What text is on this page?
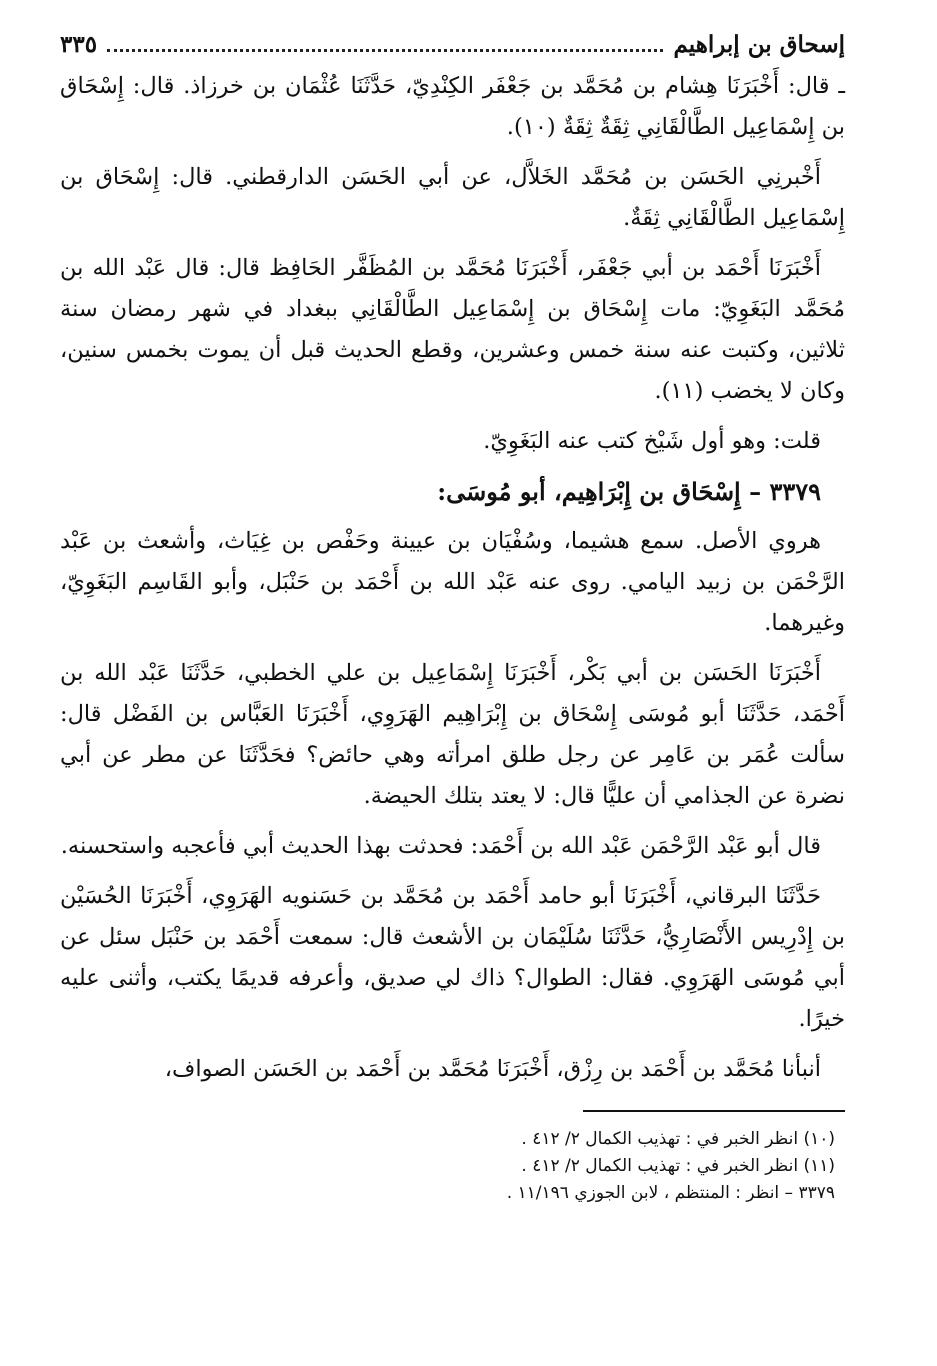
إسحاق بن إبراهيم
٣٣٥

ـ قال: أَخْبَرَنَا هِشام بن مُحَمَّد بن جَعْفَر الكِنْدِيّ، حَدَّثَنَا عُثْمَان بن خرزاذ. قال: إِسْحَاق بن إِسْمَاعِيل الطَّالْقَانِي ثِقَةٌ ثِقَةٌ (١٠).

أَخْبرنِي الحَسَن بن مُحَمَّد الخَلاَّل، عن أبي الحَسَن الدارقطني. قال: إِسْحَاق بن إِسْمَاعِيل الطَّالْقَانِي ثِقَةٌ.

أَخْبَرَنَا أَحْمَد بن أبي جَعْفَر، أَخْبَرَنَا مُحَمَّد بن المُظَفَّر الحَافِظ قال: قال عَبْد الله بن مُحَمَّد البَغَوِيّ: مات إِسْحَاق بن إِسْمَاعِيل الطَّالْقَانِي ببغداد في شهر رمضان سنة ثلاثين، وكتبت عنه سنة خمس وعشرين، وقطع الحديث قبل أن يموت بخمس سنين، وكان لا يخضب (١١).

قلت: وهو أول شَيْخ كتب عنه البَغَوِيّ.

٣٣٧٩ – إِسْحَاق بن إِبْرَاهِيم، أبو مُوسَى:

هروي الأصل. سمع هشيما، وسُفْيَان بن عيينة وحَفْص بن غِيَاث، وأشعث بن عَبْد الرَّحْمَن بن زبيد اليامي. روى عنه عَبْد الله بن أَحْمَد بن حَنْبَل، وأبو القَاسِم البَغَوِيّ، وغيرهما.

أَخْبَرَنَا الحَسَن بن أبي بَكْر، أَخْبَرَنَا إِسْمَاعِيل بن علي الخطبي، حَدَّثَنَا عَبْد الله بن أَحْمَد، حَدَّثَنَا أبو مُوسَى إِسْحَاق بن إِبْرَاهِيم الهَرَوِي، أَخْبَرَنَا العَبَّاس بن الفَضْل قال: سألت عُمَر بن عَامِر عن رجل طلق امرأته وهي حائض؟ فحَدَّثَنَا عن مطر عن أبي نضرة عن الجذامي أن عليًّا قال: لا يعتد بتلك الحيضة.

قال أبو عَبْد الرَّحْمَن عَبْد الله بن أَحْمَد: فحدثت بهذا الحديث أبي فأعجبه واستحسنه.

حَدَّثَنَا البرقاني، أَخْبَرَنَا أبو حامد أَحْمَد بن مُحَمَّد بن حَسَنويه الهَرَوِي، أَخْبَرَنَا الحُسَيْن بن إِدْرِيس الأَنْصَارِيُّ، حَدَّثَنَا سُلَيْمَان بن الأشعث قال: سمعت أَحْمَد بن حَنْبَل سئل عن أبي مُوسَى الهَرَوِي. فقال: الطوال؟ ذاك لي صديق، وأعرفه قديمًا يكتب، وأثنى عليه خيرًا.

أنبأنا مُحَمَّد بن أَحْمَد بن رِزْق، أَخْبَرَنَا مُحَمَّد بن أَحْمَد بن الحَسَن الصواف،

(١٠) انظر الخبر في : تهذيب الكمال ٢/ ٤١٢ .
(١١) انظر الخبر في : تهذيب الكمال ٢/ ٤١٢ .
٣٣٧٩ – انظر : المنتظم ، لابن الجوزي ١١/١٩٦ .
